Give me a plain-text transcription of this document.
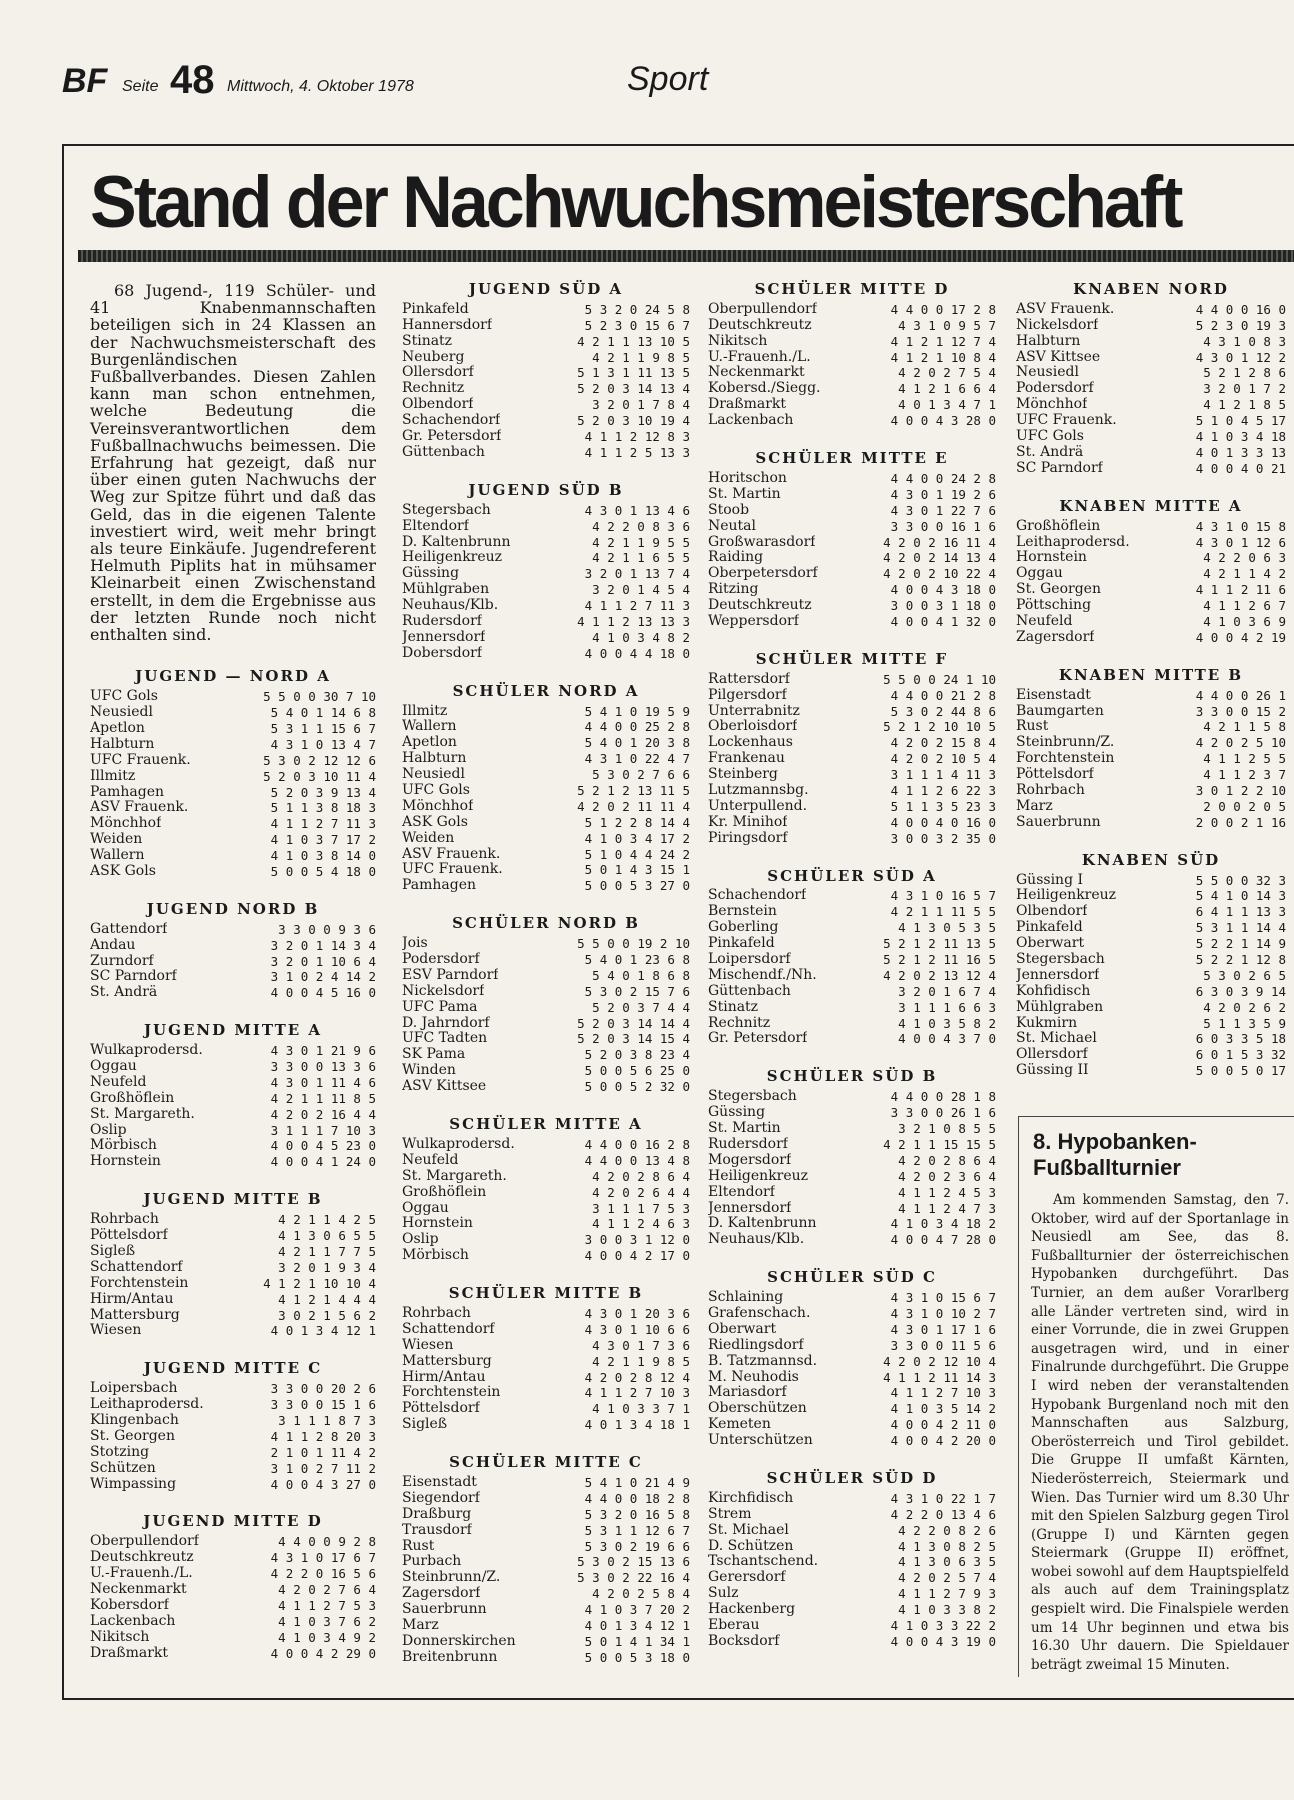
BF Seite 48 Mittwoch, 4. Oktober 1978	Sport
Stand der Nachwuchsmeisterschaft

68 Jugend-, 119 Schüler- und 41 Knabenmannschaften beteiligen sich in 24 Klassen an der Nachwuchsmeisterschaft des Burgenländischen Fußballverbandes. Diesen Zahlen kann man schon entnehmen, welche Bedeutung die Vereinsverantwortlichen dem Fußballnachwuchs beimessen. Die Erfahrung hat gezeigt, daß nur über einen guten Nachwuchs der Weg zur Spitze führt und daß das Geld, das in die eigenen Talente investiert wird, weit mehr bringt als teure Einkäufe. Jugendreferent Helmuth Piplits hat in mühsamer Kleinarbeit einen Zwischenstand erstellt, in dem die Ergebnisse aus der letzten Runde noch nicht enthalten sind.

JUGEND — NORD A
UFC Gols	5 5 0 0 30 7 10
Neusiedl	5 4 0 1 14 6 8
Apetlon	5 3 1 1 15 6 7
Halbturn	4 3 1 0 13 4 7
UFC Frauenk.	5 3 0 2 12 12 6
Illmitz	5 2 0 3 10 11 4
Pamhagen	5 2 0 3 9 13 4
ASV Frauenk.	5 1 1 3 8 18 3
Mönchhof	4 1 1 2 7 11 3
Weiden	4 1 0 3 7 17 2
Wallern	4 1 0 3 8 14 0
ASK Gols	5 0 0 5 4 18 0
JUGEND NORD B
Gattendorf	3 3 0 0 9 3 6
Andau	3 2 0 1 14 3 4
Zurndorf	3 2 0 1 10 6 4
SC Parndorf	3 1 0 2 4 14 2
St. Andrä	4 0 0 4 5 16 0
JUGEND MITTE A
Wulkaprodersd.	4 3 0 1 21 9 6
Oggau	3 3 0 0 13 3 6
Neufeld	4 3 0 1 11 4 6
Großhöflein	4 2 1 1 11 8 5
St. Margareth.	4 2 0 2 16 4 4
Oslip	3 1 1 1 7 10 3
Mörbisch	4 0 0 4 5 23 0
Hornstein	4 0 0 4 1 24 0
JUGEND MITTE B
Rohrbach	4 2 1 1 4 2 5
Pöttelsdorf	4 1 3 0 6 5 5
Sigleß	4 2 1 1 7 7 5
Schattendorf	3 2 0 1 9 3 4
Forchtenstein	4 1 2 1 10 10 4
Hirm/Antau	4 1 2 1 4 4 4
Mattersburg	3 0 2 1 5 6 2
Wiesen	4 0 1 3 4 12 1
JUGEND MITTE C
Loipersbach	3 3 0 0 20 2 6
Leithaprodersd.	3 3 0 0 15 1 6
Klingenbach	3 1 1 1 8 7 3
St. Georgen	4 1 1 2 8 20 3
Stotzing	2 1 0 1 11 4 2
Schützen	3 1 0 2 7 11 2
Wimpassing	4 0 0 4 3 27 0
JUGEND MITTE D
Oberpullendorf	4 4 0 0 9 2 8
Deutschkreutz	4 3 1 0 17 6 7
U.-Frauenh./L.	4 2 2 0 16 5 6
Neckenmarkt	4 2 0 2 7 6 4
Kobersdorf	4 1 1 2 7 5 3
Lackenbach	4 1 0 3 7 6 2
Nikitsch	4 1 0 3 4 9 2
Draßmarkt	4 0 0 4 2 29 0
JUGEND SÜD A
Pinkafeld	5 3 2 0 24 5 8
Hannersdorf	5 2 3 0 15 6 7
Stinatz	4 2 1 1 13 10 5
Neuberg	4 2 1 1 9 8 5
Ollersdorf	5 1 3 1 11 13 5
Rechnitz	5 2 0 3 14 13 4
Olbendorf	3 2 0 1 7 8 4
Schachendorf	5 2 0 3 10 19 4
Gr. Petersdorf	4 1 1 2 12 8 3
Güttenbach	4 1 1 2 5 13 3
JUGEND SÜD B
Stegersbach	4 3 0 1 13 4 6
Eltendorf	4 2 2 0 8 3 6
D. Kaltenbrunn	4 2 1 1 9 5 5
Heiligenkreuz	4 2 1 1 6 5 5
Güssing	3 2 0 1 13 7 4
Mühlgraben	3 2 0 1 4 5 4
Neuhaus/Klb.	4 1 1 2 7 11 3
Rudersdorf	4 1 1 2 13 13 3
Jennersdorf	4 1 0 3 4 8 2
Dobersdorf	4 0 0 4 4 18 0
SCHÜLER NORD A
Illmitz	5 4 1 0 19 5 9
Wallern	4 4 0 0 25 2 8
Apetlon	5 4 0 1 20 3 8
Halbturn	4 3 1 0 22 4 7
Neusiedl	5 3 0 2 7 6 6
UFC Gols	5 2 1 2 13 11 5
Mönchhof	4 2 0 2 11 11 4
ASK Gols	5 1 2 2 8 14 4
Weiden	4 1 0 3 4 17 2
ASV Frauenk.	5 1 0 4 4 24 2
UFC Frauenk.	5 0 1 4 3 15 1
Pamhagen	5 0 0 5 3 27 0
SCHÜLER NORD B
Jois	5 5 0 0 19 2 10
Podersdorf	5 4 0 1 23 6 8
ESV Parndorf	5 4 0 1 8 6 8
Nickelsdorf	5 3 0 2 15 7 6
UFC Pama	5 2 0 3 7 4 4
D. Jahrndorf	5 2 0 3 14 14 4
UFC Tadten	5 2 0 3 14 15 4
SK Pama	5 2 0 3 8 23 4
Winden	5 0 0 5 6 25 0
ASV Kittsee	5 0 0 5 2 32 0
SCHÜLER MITTE A
Wulkaprodersd.	4 4 0 0 16 2 8
Neufeld	4 4 0 0 13 4 8
St. Margareth.	4 2 0 2 8 6 4
Großhöflein	4 2 0 2 6 4 4
Oggau	3 1 1 1 7 5 3
Hornstein	4 1 1 2 4 6 3
Oslip	3 0 0 3 1 12 0
Mörbisch	4 0 0 4 2 17 0
SCHÜLER MITTE B
Rohrbach	4 3 0 1 20 3 6
Schattendorf	4 3 0 1 10 6 6
Wiesen	4 3 0 1 7 3 6
Mattersburg	4 2 1 1 9 8 5
Hirm/Antau	4 2 0 2 8 12 4
Forchtenstein	4 1 1 2 7 10 3
Pöttelsdorf	4 1 0 3 3 7 1
Sigleß	4 0 1 3 4 18 1
SCHÜLER MITTE C
Eisenstadt	5 4 1 0 21 4 9
Siegendorf	4 4 0 0 18 2 8
Draßburg	5 3 2 0 16 5 8
Trausdorf	5 3 1 1 12 6 7
Rust	5 3 0 2 19 6 6
Purbach	5 3 0 2 15 13 6
Steinbrunn/Z.	5 3 0 2 22 16 4
Zagersdorf	4 2 0 2 5 8 4
Sauerbrunn	4 1 0 3 7 20 2
Marz	4 0 1 3 4 12 1
Donnerskirchen	5 0 1 4 1 34 1
Breitenbrunn	5 0 0 5 3 18 0
SCHÜLER MITTE D
Oberpullendorf	4 4 0 0 17 2 8
Deutschkreutz	4 3 1 0 9 5 7
Nikitsch	4 1 2 1 12 7 4
U.-Frauenh./L.	4 1 2 1 10 8 4
Neckenmarkt	4 2 0 2 7 5 4
Kobersd./Siegg.	4 1 2 1 6 6 4
Draßmarkt	4 0 1 3 4 7 1
Lackenbach	4 0 0 4 3 28 0
SCHÜLER MITTE E
Horitschon	4 4 0 0 24 2 8
St. Martin	4 3 0 1 19 2 6
Stoob	4 3 0 1 22 7 6
Neutal	3 3 0 0 16 1 6
Großwarasdorf	4 2 0 2 16 11 4
Raiding	4 2 0 2 14 13 4
Oberpetersdorf	4 2 0 2 10 22 4
Ritzing	4 0 0 4 3 18 0
Deutschkreutz	3 0 0 3 1 18 0
Weppersdorf	4 0 0 4 1 32 0
SCHÜLER MITTE F
Rattersdorf	5 5 0 0 24 1 10
Pilgersdorf	4 4 0 0 21 2 8
Unterrabnitz	5 3 0 2 44 8 6
Oberloisdorf	5 2 1 2 10 10 5
Lockenhaus	4 2 0 2 15 8 4
Frankenau	4 2 0 2 10 5 4
Steinberg	3 1 1 1 4 11 3
Lutzmannsbg.	4 1 1 2 6 22 3
Unterpullend.	5 1 1 3 5 23 3
Kr. Minihof	4 0 0 4 0 16 0
Piringsdorf	3 0 0 3 2 35 0
SCHÜLER SÜD A
Schachendorf	4 3 1 0 16 5 7
Bernstein	4 2 1 1 11 5 5
Goberling	4 1 3 0 5 3 5
Pinkafeld	5 2 1 2 11 13 5
Loipersdorf	5 2 1 2 11 16 5
Mischendf./Nh.	4 2 0 2 13 12 4
Güttenbach	3 2 0 1 6 7 4
Stinatz	3 1 1 1 6 6 3
Rechnitz	4 1 0 3 5 8 2
Gr. Petersdorf	4 0 0 4 3 7 0
SCHÜLER SÜD B
Stegersbach	4 4 0 0 28 1 8
Güssing	3 3 0 0 26 1 6
St. Martin	3 2 1 0 8 5 5
Rudersdorf	4 2 1 1 15 15 5
Mogersdorf	4 2 0 2 8 6 4
Heiligenkreuz	4 2 0 2 3 6 4
Eltendorf	4 1 1 2 4 5 3
Jennersdorf	4 1 1 2 4 7 3
D. Kaltenbrunn	4 1 0 3 4 18 2
Neuhaus/Klb.	4 0 0 4 7 28 0
SCHÜLER SÜD C
Schlaining	4 3 1 0 15 6 7
Grafenschach.	4 3 1 0 10 2 7
Oberwart	4 3 0 1 17 1 6
Riedlingsdorf	3 3 0 0 11 5 6
B. Tatzmannsd.	4 2 0 2 12 10 4
M. Neuhodis	4 1 1 2 11 14 3
Mariasdorf	4 1 1 2 7 10 3
Oberschützen	4 1 0 3 5 14 2
Kemeten	4 0 0 4 2 11 0
Unterschützen	4 0 0 4 2 20 0
SCHÜLER SÜD D
Kirchfidisch	4 3 1 0 22 1 7
Strem	4 2 2 0 13 4 6
St. Michael	4 2 2 0 8 2 6
D. Schützen	4 1 3 0 8 2 5
Tschantschend.	4 1 3 0 6 3 5
Gerersdorf	4 2 0 2 5 7 4
Sulz	4 1 1 2 7 9 3
Hackenberg	4 1 0 3 3 8 2
Eberau	4 1 0 3 3 22 2
Bocksdorf	4 0 0 4 3 19 0
KNABEN NORD
ASV Frauenk.	4 4 0 0 16 0
Nickelsdorf	5 2 3 0 19 3
Halbturn	4 3 1 0 8 3
ASV Kittsee	4 3 0 1 12 2
Neusiedl	5 2 1 2 8 6
Podersdorf	3 2 0 1 7 2
Mönchhof	4 1 2 1 8 5
UFC Frauenk.	5 1 0 4 5 17
UFC Gols	4 1 0 3 4 18
St. Andrä	4 0 1 3 3 13
SC Parndorf	4 0 0 4 0 21
KNABEN MITTE A
Großhöflein	4 3 1 0 15 8
Leithaprodersd.	4 3 0 1 12 6
Hornstein	4 2 2 0 6 3
Oggau	4 2 1 1 4 2
St. Georgen	4 1 1 2 11 6
Pöttsching	4 1 1 2 6 7
Neufeld	4 1 0 3 6 9
Zagersdorf	4 0 0 4 2 19
KNABEN MITTE B
Eisenstadt	4 4 0 0 26 1
Baumgarten	3 3 0 0 15 2
Rust	4 2 1 1 5 8
Steinbrunn/Z.	4 2 0 2 5 10
Forchtenstein	4 1 1 2 5 5
Pöttelsdorf	4 1 1 2 3 7
Rohrbach	3 0 1 2 2 10
Marz	2 0 0 2 0 5
Sauerbrunn	2 0 0 2 1 16
KNABEN SÜD
Güssing I	5 5 0 0 32 3
Heiligenkreuz	5 4 1 0 14 3
Olbendorf	6 4 1 1 13 3
Pinkafeld	5 3 1 1 14 4
Oberwart	5 2 2 1 14 9
Stegersbach	5 2 2 1 12 8
Jennersdorf	5 3 0 2 6 5
Kohfidisch	6 3 0 3 9 14
Mühlgraben	4 2 0 2 6 2
Kukmirn	5 1 1 3 5 9
St. Michael	6 0 3 3 5 18
Ollersdorf	6 0 1 5 3 32
Güssing II	5 0 0 5 0 17
8. Hypobanken-Fußballturnier
Am kommenden Samstag, den 7. Oktober, wird auf der Sportanlage in Neusiedl am See, das 8. Fußballturnier der österreichischen Hypobanken durchgeführt. Das Turnier, an dem außer Vorarlberg alle Länder vertreten sind, wird in einer Vorrunde, die in zwei Gruppen ausgetragen wird, und in einer Finalrunde durchgeführt. Die Gruppe I wird neben der veranstaltenden Hypobank Burgenland noch mit den Mannschaften aus Salzburg, Oberösterreich und Tirol gebildet. Die Gruppe II umfaßt Kärnten, Niederösterreich, Steiermark und Wien. Das Turnier wird um 8.30 Uhr mit den Spielen Salzburg gegen Tirol (Gruppe I) und Kärnten gegen Steiermark (Gruppe II) eröffnet, wobei sowohl auf dem Hauptspielfeld als auch auf dem Trainingsplatz gespielt wird. Die Finalspiele werden um 14 Uhr beginnen und etwa bis 16.30 Uhr dauern. Die Spieldauer beträgt zweimal 15 Minuten.
